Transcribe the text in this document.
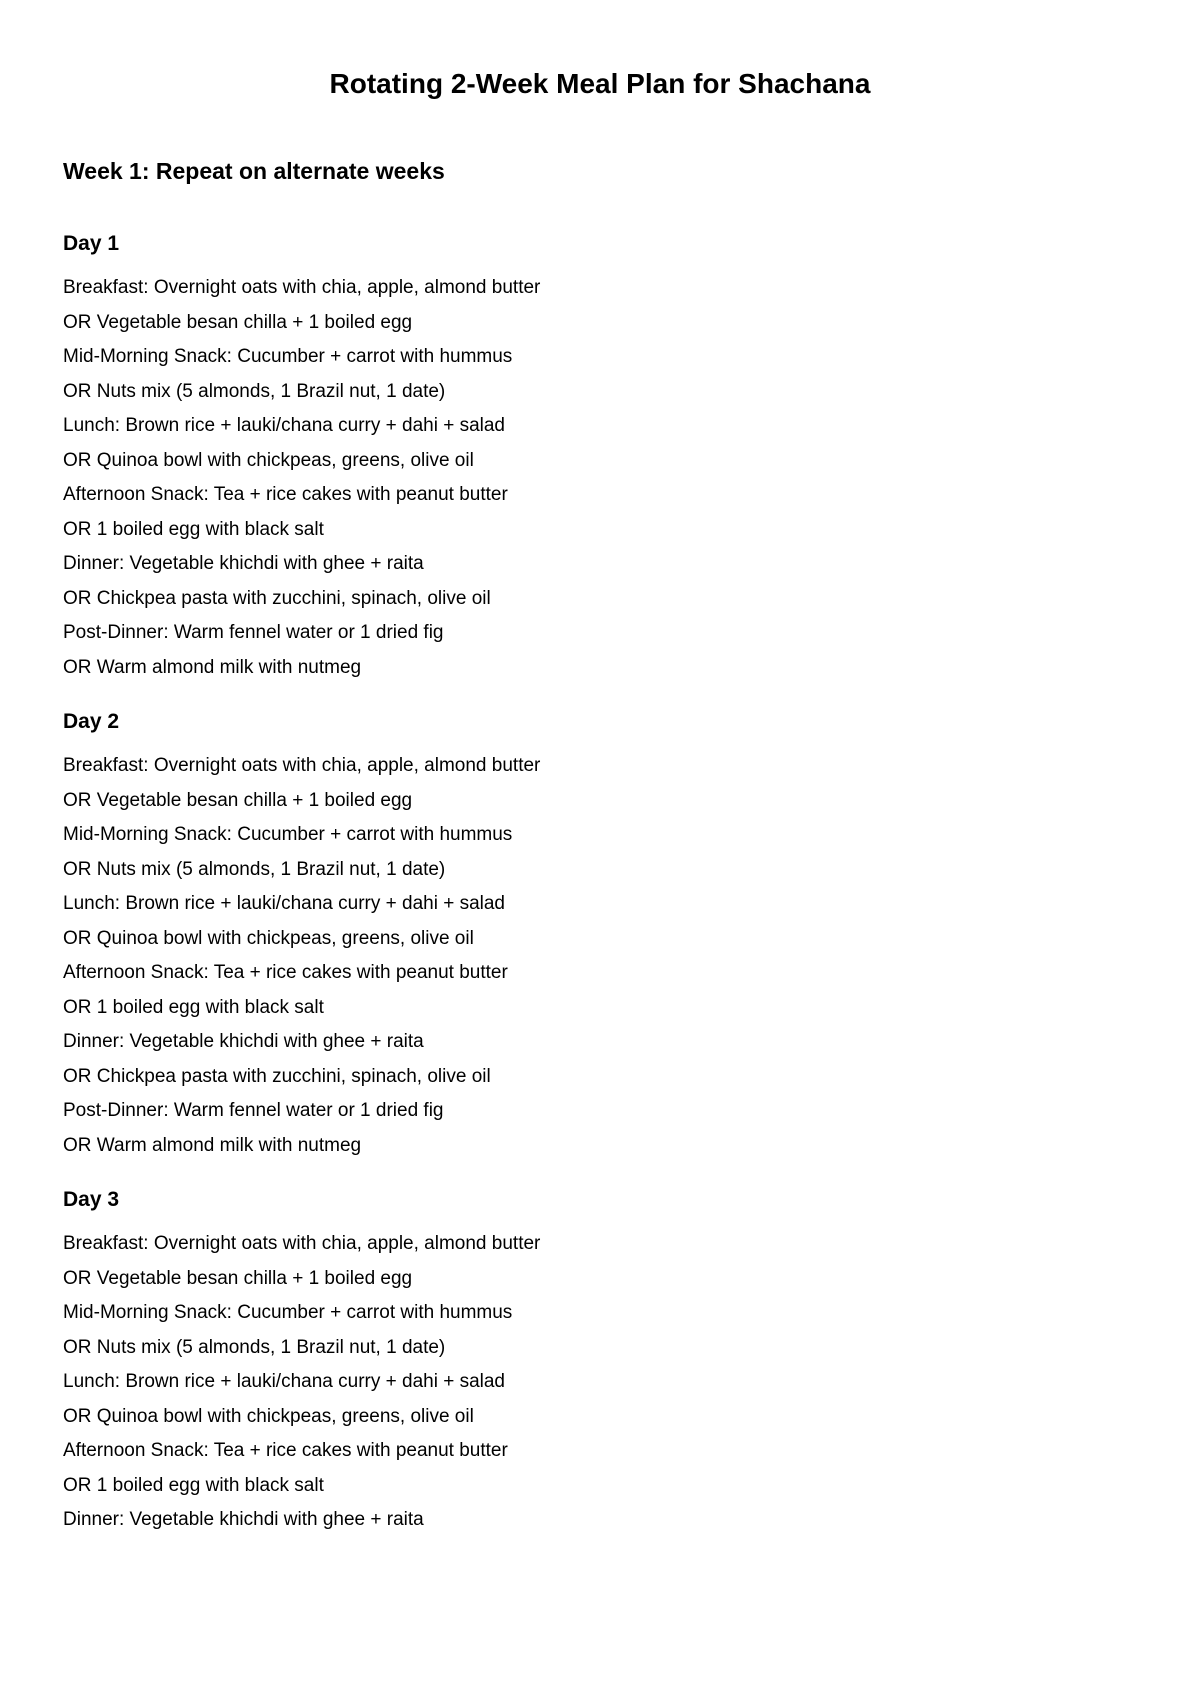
Rotating 2-Week Meal Plan for Shachana
Week 1: Repeat on alternate weeks
Day 1
Breakfast: Overnight oats with chia, apple, almond butter
OR Vegetable besan chilla + 1 boiled egg
Mid-Morning Snack: Cucumber + carrot with hummus
OR Nuts mix (5 almonds, 1 Brazil nut, 1 date)
Lunch: Brown rice + lauki/chana curry + dahi + salad
OR Quinoa bowl with chickpeas, greens, olive oil
Afternoon Snack: Tea + rice cakes with peanut butter
OR 1 boiled egg with black salt
Dinner: Vegetable khichdi with ghee + raita
OR Chickpea pasta with zucchini, spinach, olive oil
Post-Dinner: Warm fennel water or 1 dried fig
OR Warm almond milk with nutmeg
Day 2
Breakfast: Overnight oats with chia, apple, almond butter
OR Vegetable besan chilla + 1 boiled egg
Mid-Morning Snack: Cucumber + carrot with hummus
OR Nuts mix (5 almonds, 1 Brazil nut, 1 date)
Lunch: Brown rice + lauki/chana curry + dahi + salad
OR Quinoa bowl with chickpeas, greens, olive oil
Afternoon Snack: Tea + rice cakes with peanut butter
OR 1 boiled egg with black salt
Dinner: Vegetable khichdi with ghee + raita
OR Chickpea pasta with zucchini, spinach, olive oil
Post-Dinner: Warm fennel water or 1 dried fig
OR Warm almond milk with nutmeg
Day 3
Breakfast: Overnight oats with chia, apple, almond butter
OR Vegetable besan chilla + 1 boiled egg
Mid-Morning Snack: Cucumber + carrot with hummus
OR Nuts mix (5 almonds, 1 Brazil nut, 1 date)
Lunch: Brown rice + lauki/chana curry + dahi + salad
OR Quinoa bowl with chickpeas, greens, olive oil
Afternoon Snack: Tea + rice cakes with peanut butter
OR 1 boiled egg with black salt
Dinner: Vegetable khichdi with ghee + raita
